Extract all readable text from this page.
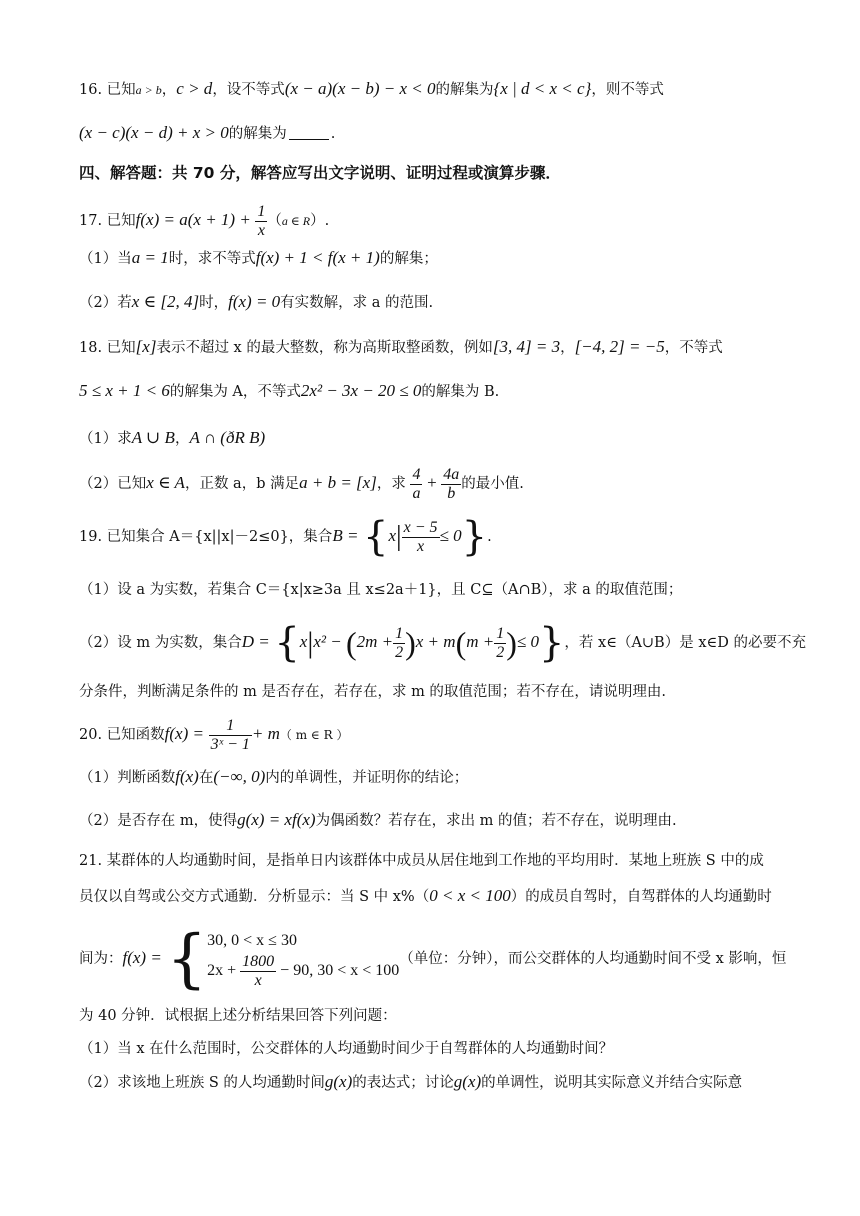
16. 已知a > b，c > d，设不等式(x − a)(x − b) − x < 0的解集为{x | d < x < c}，则不等式
(x − c)(x − d) + x > 0的解集为	.
四、解答题：共 70 分，解答应写出文字说明、证明过程或演算步骤．
17. 已知$f(x) = a(x + 1) + \frac{1}{x} (a$ ∈ R）.
（1）当a = 1时，求不等式f(x) + 1 < f(x + 1)的解集；
（2）若x ∈ [2, 4]时，f(x) = 0有实数解，求 a 的范围.
18. 已知[x]表示不超过 x 的最大整数，称为高斯取整函数，例如[3, 4] = 3，[−4, 2] = −5，不等式
5 ≤ x + 1 < 6的解集为 A，不等式2x² − 3x − 20 ≤ 0的解集为 B.
（1）求A ∪ B，A ∩ (ðR B)
（2）已知x ∈ A，正数 a，b 满足a + b = [x]，求 $\frac{4}{a} + \frac{4a}{b}$ 的最小值.
19. 已知集合 A＝{x||x|－2≤0}，集合$B = \{x| \frac{x - 5}{x} \le 0\}$.
（1）设 a 为实数，若集合 C＝{x|x≥3a 且 x≤2a＋1}，且 C⊆（A∩B），求 a 的取值范围；
（2）设 m 为实数，集合$D = \{x|x^2 - (2m + \frac{1}{2} )x + m(m + \frac{1}{2}$ )≤ 0}，若 x∈（A∪B）是 x∈D 的必要不充
分条件，判断满足条件的 m 是否存在，若存在，求 m 的取值范围；若不存在，请说明理由.
20. 已知函数$f(x) = \frac{1}{\text{3ˣ − 1}} + m$（ m ∈ R ）
（1）判断函数f(x)在(−∞, 0)内的单调性，并证明你的结论；
（2）是否存在 m，使得g(x) = xf(x)为偶函数？若存在，求出 m 的值；若不存在，说明理由.
21. 某群体的人均通勤时间，是指单日内该群体中成员从居住地到工作地的平均用时．某地上班族 S 中的成
员仅以自驾或公交方式通勤．分析显示：当 S 中 x%（0 < x < 100）的成员自驾时，自驾群体的人均通勤时
间为：f(x) = { 30, 0 < x ≤ 30
$2x + \frac{1800}{x} - 90$, 30 < x < 100
（单位：分钟），而公交群体的人均通勤时间不受 x 影响，恒
为 40 分钟．试根据上述分析结果回答下列问题：
（1）当 x 在什么范围时，公交群体的人均通勤时间少于自驾群体的人均通勤时间？
（2）求该地上班族 S 的人均通勤时间g(x)的表达式；讨论g(x)的单调性，说明其实际意义并结合实际意
